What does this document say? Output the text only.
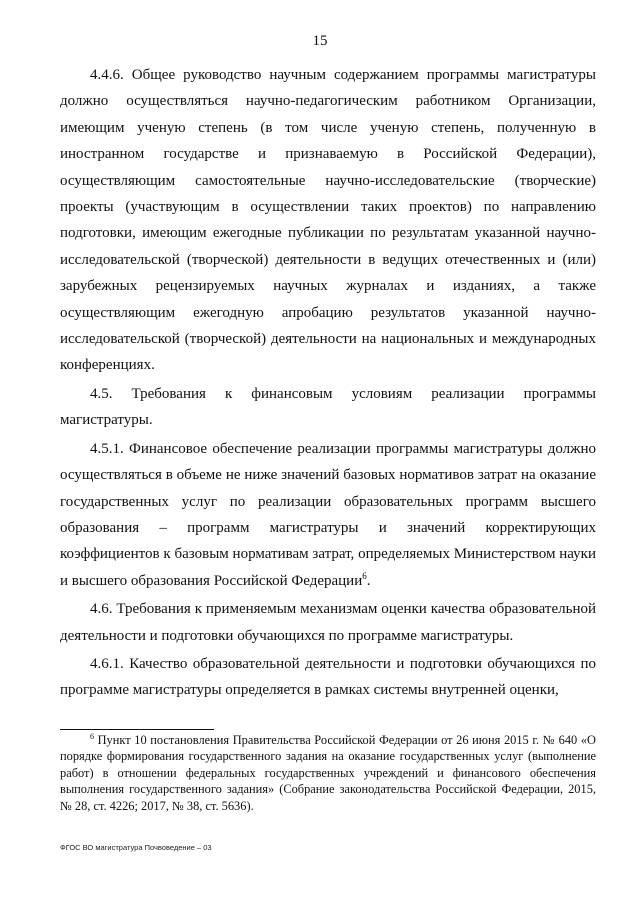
15

4.4.6. Общее руководство научным содержанием программы магистратуры должно осуществляться научно-педагогическим работником Организации, имеющим ученую степень (в том числе ученую степень, полученную в иностранном государстве и признаваемую в Российской Федерации), осуществляющим самостоятельные научно-исследовательские (творческие) проекты (участвующим в осуществлении таких проектов) по направлению подготовки, имеющим ежегодные публикации по результатам указанной научно-исследовательской (творческой) деятельности в ведущих отечественных и (или) зарубежных рецензируемых научных журналах и изданиях, а также осуществляющим ежегодную апробацию результатов указанной научно-исследовательской (творческой) деятельности на национальных и международных конференциях.

4.5. Требования к финансовым условиям реализации программы магистратуры.

4.5.1. Финансовое обеспечение реализации программы магистратуры должно осуществляться в объеме не ниже значений базовых нормативов затрат на оказание государственных услуг по реализации образовательных программ высшего образования – программ магистратуры и значений корректирующих коэффициентов к базовым нормативам затрат, определяемых Министерством науки и высшего образования Российской Федерации$^6$.

4.6. Требования к применяемым механизмам оценки качества образовательной деятельности и подготовки обучающихся по программе магистратуры.

4.6.1. Качество образовательной деятельности и подготовки обучающихся по программе магистратуры определяется в рамках системы внутренней оценки,

$^6$ Пункт 10 постановления Правительства Российской Федерации от 26 июня 2015 г. № 640 «О порядке формирования государственного задания на оказание государственных услуг (выполнение работ) в отношении федеральных государственных учреждений и финансового обеспечения выполнения государственного задания» (Собрание законодательства Российской Федерации, 2015, № 28, ст. 4226; 2017, № 38, ст. 5636).

ФГОС ВО магистратура Почвоведение – 03
